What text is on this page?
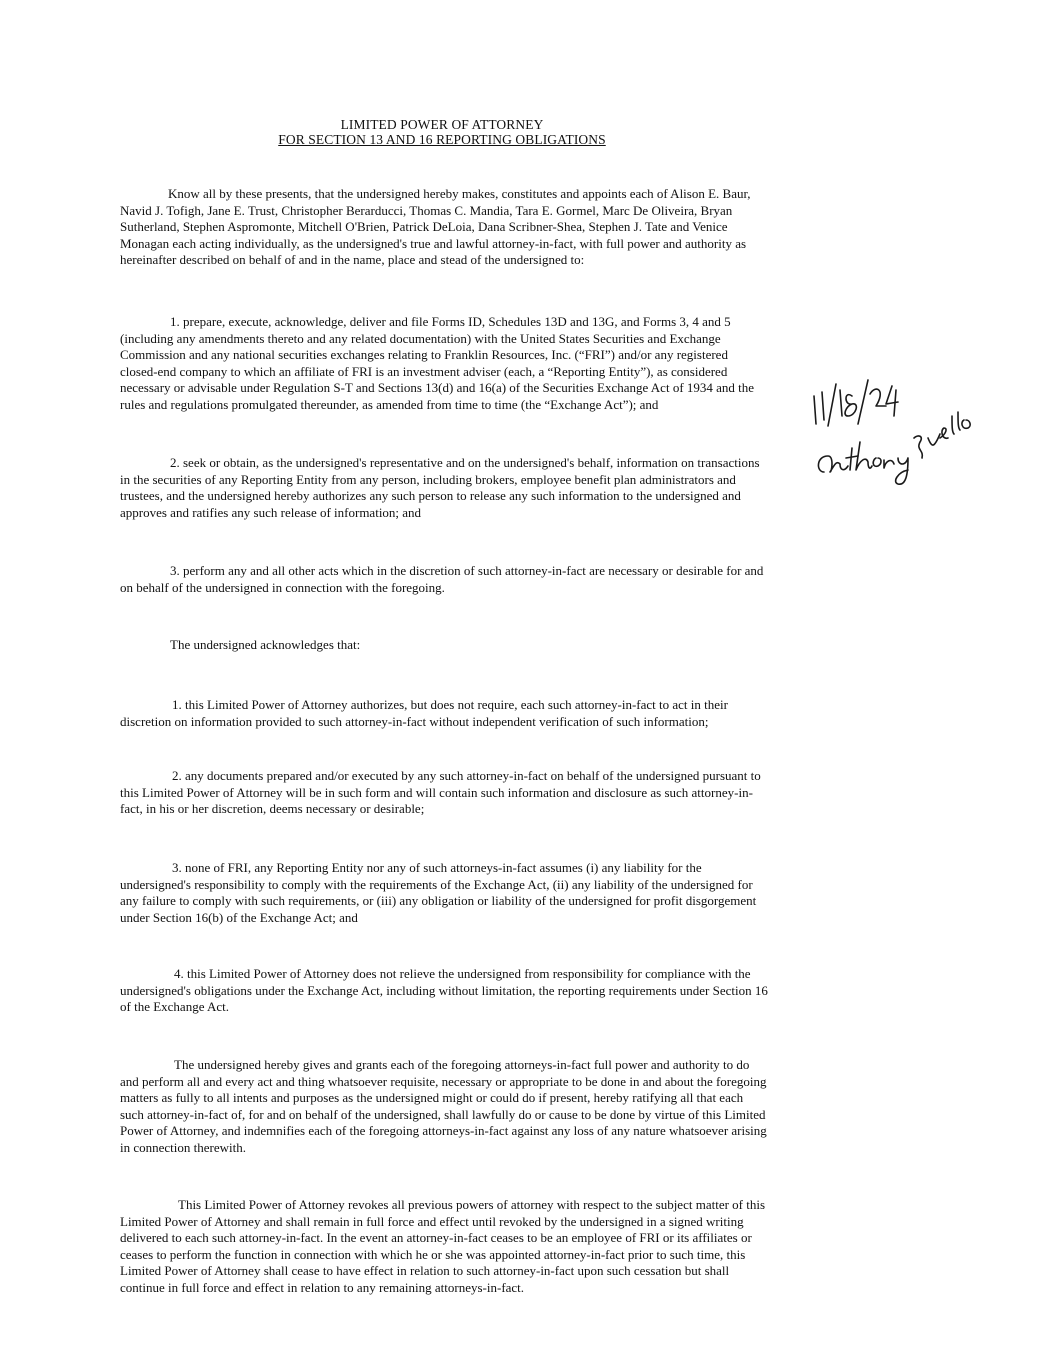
LIMITED POWER OF ATTORNEY
FOR SECTION 13 AND 16 REPORTING OBLIGATIONS
Know all by these presents, that the undersigned hereby makes, constitutes and appoints each of Alison E. Baur, Navid J. Tofigh, Jane E. Trust, Christopher Berarducci, Thomas C. Mandia, Tara E. Gormel, Marc De Oliveira, Bryan Sutherland, Stephen Aspromonte, Mitchell O'Brien, Patrick DeLoia, Dana Scribner-Shea, Stephen J. Tate and Venice Monagan each acting individually, as the undersigned's true and lawful attorney-in-fact, with full power and authority as hereinafter described on behalf of and in the name, place and stead of the undersigned to:
1. prepare, execute, acknowledge, deliver and file Forms ID, Schedules 13D and 13G, and Forms 3, 4 and 5 (including any amendments thereto and any related documentation) with the United States Securities and Exchange Commission and any national securities exchanges relating to Franklin Resources, Inc. (“FRI”) and/or any registered closed-end company to which an affiliate of FRI is an investment adviser (each, a “Reporting Entity”), as considered necessary or advisable under Regulation S-T and Sections 13(d) and 16(a) of the Securities Exchange Act of 1934 and the rules and regulations promulgated thereunder, as amended from time to time (the “Exchange Act”); and
2. seek or obtain, as the undersigned's representative and on the undersigned's behalf, information on transactions in the securities of any Reporting Entity from any person, including brokers, employee benefit plan administrators and trustees, and the undersigned hereby authorizes any such person to release any such information to the undersigned and approves and ratifies any such release of information; and
3. perform any and all other acts which in the discretion of such attorney-in-fact are necessary or desirable for and on behalf of the undersigned in connection with the foregoing.
The undersigned acknowledges that:
1. this Limited Power of Attorney authorizes, but does not require, each such attorney-in-fact to act in their discretion on information provided to such attorney-in-fact without independent verification of such information;
2. any documents prepared and/or executed by any such attorney-in-fact on behalf of the undersigned pursuant to this Limited Power of Attorney will be in such form and will contain such information and disclosure as such attorney-in-fact, in his or her discretion, deems necessary or desirable;
3. none of FRI, any Reporting Entity nor any of such attorneys-in-fact assumes (i) any liability for the undersigned's responsibility to comply with the requirements of the Exchange Act, (ii) any liability of the undersigned for any failure to comply with such requirements, or (iii) any obligation or liability of the undersigned for profit disgorgement under Section 16(b) of the Exchange Act; and
4. this Limited Power of Attorney does not relieve the undersigned from responsibility for compliance with the undersigned's obligations under the Exchange Act, including without limitation, the reporting requirements under Section 16 of the Exchange Act.
The undersigned hereby gives and grants each of the foregoing attorneys-in-fact full power and authority to do and perform all and every act and thing whatsoever requisite, necessary or appropriate to be done in and about the foregoing matters as fully to all intents and purposes as the undersigned might or could do if present, hereby ratifying all that each such attorney-in-fact of, for and on behalf of the undersigned, shall lawfully do or cause to be done by virtue of this Limited Power of Attorney, and indemnifies each of the foregoing attorneys-in-fact against any loss of any nature whatsoever arising in connection therewith.
This Limited Power of Attorney revokes all previous powers of attorney with respect to the subject matter of this Limited Power of Attorney and shall remain in full force and effect until revoked by the undersigned in a signed writing delivered to each such attorney-in-fact. In the event an attorney-in-fact ceases to be an employee of FRI or its affiliates or ceases to perform the function in connection with which he or she was appointed attorney-in-fact prior to such time, this Limited Power of Attorney shall cease to have effect in relation to such attorney-in-fact upon such cessation but shall continue in full force and effect in relation to any remaining attorneys-in-fact.
